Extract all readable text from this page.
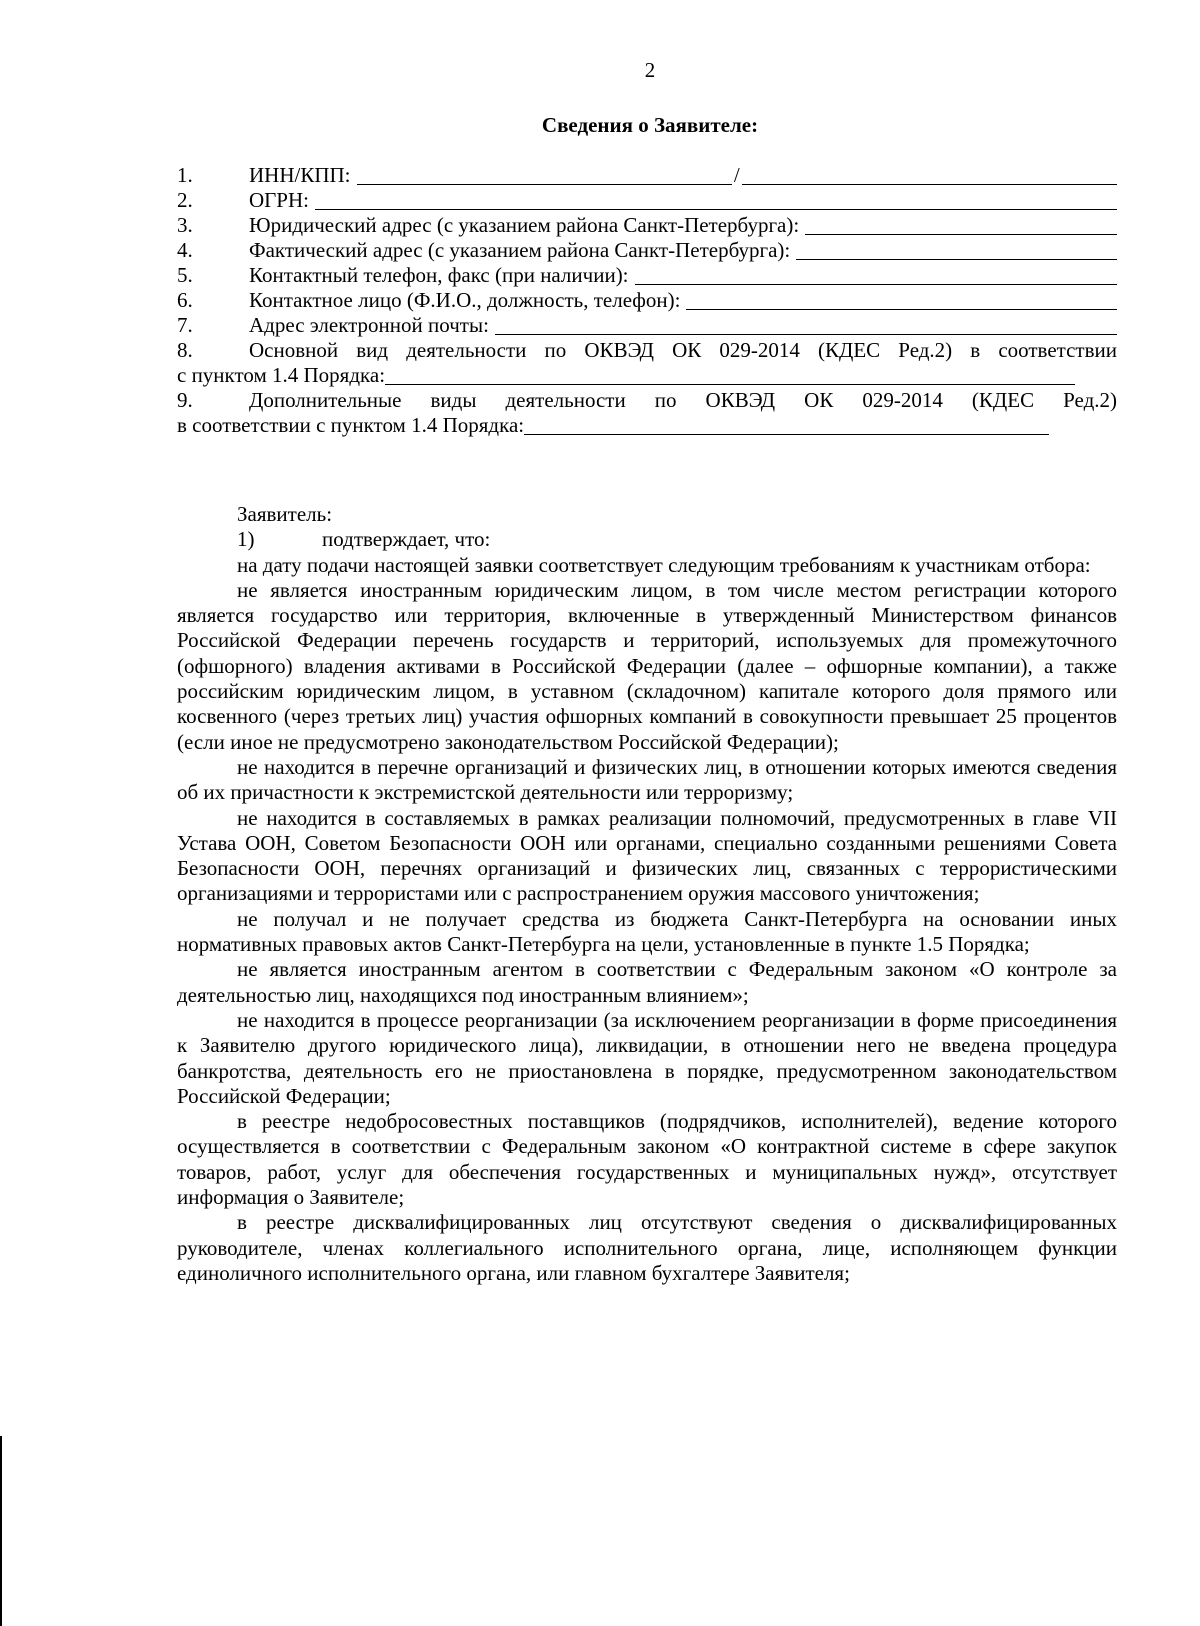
2
Сведения о Заявителе:
1.	ИНН/КПП:	/
2.	ОГРН:
3.	Юридический адрес (с указанием района Санкт-Петербурга):
4.	Фактический адрес (с указанием района Санкт-Петербурга):
5.	Контактный телефон, факс (при наличии):
6.	Контактное лицо (Ф.И.О., должность, телефон):
7.	Адрес электронной почты:
8.	Основной вид деятельности по ОКВЭД ОК 029-2014 (КДЕС Ред.2) в соответствии
с пунктом 1.4 Порядка:
9.	Дополнительные виды деятельности по ОКВЭД ОК 029-2014 (КДЕС Ред.2)
в соответствии с пунктом 1.4 Порядка:

Заявитель:

1)	подтверждает, что:

на дату подачи настоящей заявки соответствует следующим требованиям к участникам отбора:

не является иностранным юридическим лицом, в том числе местом регистрации которого является государство или территория, включенные в утвержденный Министерством финансов Российской Федерации перечень государств и территорий, используемых для промежуточного (офшорного) владения активами в Российской Федерации (далее – офшорные компании), а также российским юридическим лицом, в уставном (складочном) капитале которого доля прямого или косвенного (через третьих лиц) участия офшорных компаний в совокупности превышает 25 процентов (если иное не предусмотрено законодательством Российской Федерации);

не находится в перечне организаций и физических лиц, в отношении которых имеются сведения об их причастности к экстремистской деятельности или терроризму;

не находится в составляемых в рамках реализации полномочий, предусмотренных в главе VII Устава ООН, Советом Безопасности ООН или органами, специально созданными решениями Совета Безопасности ООН, перечнях организаций и физических лиц, связанных с террористическими организациями и террористами или с распространением оружия массового уничтожения;

не получал и не получает средства из бюджета Санкт-Петербурга на основании иных нормативных правовых актов Санкт-Петербурга на цели, установленные в пункте 1.5 Порядка;

не является иностранным агентом в соответствии с Федеральным законом «О контроле за деятельностью лиц, находящихся под иностранным влиянием»;

не находится в процессе реорганизации (за исключением реорганизации в форме присоединения к Заявителю другого юридического лица), ликвидации, в отношении него не введена процедура банкротства, деятельность его не приостановлена в порядке, предусмотренном законодательством Российской Федерации;

в реестре недобросовестных поставщиков (подрядчиков, исполнителей), ведение которого осуществляется в соответствии с Федеральным законом «О контрактной системе в сфере закупок товаров, работ, услуг для обеспечения государственных и муниципальных нужд», отсутствует информация о Заявителе;

в реестре дисквалифицированных лиц отсутствуют сведения о дисквалифицированных руководителе, членах коллегиального исполнительного органа, лице, исполняющем функции единоличного исполнительного органа, или главном бухгалтере Заявителя;
